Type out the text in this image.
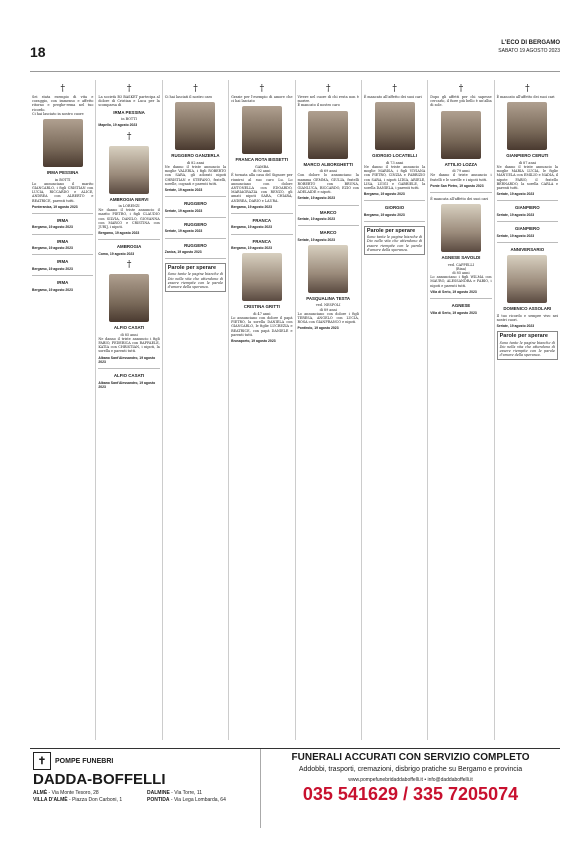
18
L'ECO DI BERGAMO
SABATO 19 AGOSTO 2023
†
Sei stata esempio di vita e coraggio, con immenso e affetto ritorno e preghe-rema nel tuo ricordo.
Ci hai lasciato in nostro cuore
IRMA PESSINA
in BOTTI
Lo annunciano il marito GIANCARLO, i figli CRISTIAN con LUCIA, RICCARDO e ALICE, ANDREA con ALBERTO e BEATRICE, parenti tutti.
Ponteranica, 19 agosto 2023
IRMA
Bergamo, 19 agosto 2023
IRMA
Bergamo, 19 agosto 2023
IRMA
Bergamo, 19 agosto 2023
IRMA
Bergamo, 19 agosto 2023
†
La società B3 BASKET partecipa al dolore di Cristian e Luca per la scomparsa di
IRMA PESSINA
in BOTTI
Mapello, 19 agosto 2023
†
AMBROGIA NERVI
in LORENZI
Ne danno il triste annuncio il marito PIETRO, i figli CLAUDIO con SILVIA, DANILO, GIOVANNA con MARCO e CRISTINA con JURIJ, i nipoti.
Bergamo, 19 agosto 2023
AMBROGIA
Como, 19 agosto 2023
†
ALFIO CASATI
di 85 anni
Ne danno il triste annuncio i figli FABIO, FEDERICA con RAFFAELE, KATIA con CHRISTIAN, i nipoti, la sorella e parenti tutti.
Albano Sant'Alessandro, 19 agosto 2023
ALFIO CASATI
Albano Sant'Alessandro, 19 agosto 2023
†
Ci hai lasciati il nostro caro
RUGGERO GANZERLA
di 82 anni
Ne danno il triste annuncio la moglie VALERIA, i figli ROBERTO con SARA, gli adorati nipoti CHRISTIAN e STEFANO, fratelli, sorelle, cognati e parenti tutti.
Seriate, 19 agosto 2023
RUGGERO
Seriate, 19 agosto 2023
RUGGERO
Seriate, 19 agosto 2023
RUGGERO
Zanica, 19 agosto 2023
Parole per sperare
Sono tante le pagine bianche di Dio nella vita che attendono di essere riempite con le parole d'amore della speranza.
†
Grazie per l'esempio di amore che ci hai lasciato
FRANCA ROTA BISSETTI
GAMBA
di 92 anni
È tornata alla casa del Signore per riunirsi al suo caro Lu. Lo annunciano con dolore ANTONELLA con EDOARDO, MARIAGRAZIA con RENZO, gli amati nipoti SARA, CHIARA, ANDREA, DARIO e LAURA.
Bergamo, 19 agosto 2023
FRANCA
Bergamo, 19 agosto 2023
FRANCA
Bergamo, 19 agosto 2023
CRISTINA GRITTI
di 47 anni
Lo annunciano con dolore il papà PIETRO, la sorella DANIELA con GIANCARLO, le figlie LUCREZIA e BEATRICE, con papà DANIELE e parenti tutti.
Brusaporto, 19 agosto 2023
†
Vivere nel cuore di chi resta non è morire.
È mancato il nostro caro
MARCO ALBORGHETTI
di 69 anni
Con dolore lo annunciano la mamma GEMMA, GIULIA, fratelli ROBERTO con BRUNA, GIANLUCA, RICCARDO, EZIO con ADELAIDE e nipoti.
Seriate, 19 agosto 2023
MARCO
Seriate, 19 agosto 2023
MARCO
Seriate, 19 agosto 2023
PASQUALINA TESTA
ved. NESPOLI
di 89 anni
Lo annunciano con dolore i figli TERESA, ANGELO con LUCIA, ROSA con GIANFRANCO e nipoti.
Pontirolo, 19 agosto 2023
†
È mancato all'affetto dei suoi cari
GIORGIO LOCATELLI
di 73 anni
Ne danno il triste annuncio la moglie MARISA, i figli VIVIANA con PIETRO, CINZIA e FABRIZIO con SARA, i nipoti LIDIA, ARIELE, LISA, LUIGI e GABRIELE, la sorella DANIELA, i parenti tutti.
Bergamo, 19 agosto 2023
GIORGIO
Bergamo, 19 agosto 2023
Parole per sperare
Sono tante le pagine bianche di Dio nella vita che attendono di essere riempite con le parole d'amore della speranza.
†
Dopo gli affetti per chi sapesse cercarlo, il fiore più bello è un'alba di sole.
ATTILIO LOZZA
di 79 anni
Ne danno il triste annuncio i fratelli e le sorelle e i nipoti tutti.
Ponte San Pietro, 19 agosto 2023
È mancata all'affetto dei suoi cari
AGNESE SAVOLDI
ved. CAPPELLI
(Rina)
di 85 anni
Lo annunciano i figli WILMA con MAURO, ALESSANDRA e FABIO, i nipoti e parenti tutti.
Villa di Serio, 19 agosto 2023
AGNESE
Villa di Serio, 19 agosto 2023
†
È mancato all'affetto dei suoi cari
GIANPIERO CERUTI
di 87 anni
Ne danno il triste annuncio la moglie MARIA LUCIA, le figlie MANUELA con EMILIO e NADIA, il nipote FABIO, il fratello BERNARDO, la sorella CARLA e parenti tutti.
Seriate, 19 agosto 2023
GIANPIERO
Seriate, 19 agosto 2023
GIANPIERO
Seriate, 19 agosto 2023
ANNIVERSARIO
DOMENICO ASSOLARI
Il tuo ricordo e sempre vivo nei nostri cuori.
Seriate, 19 agosto 2023
Parole per sperare
Sono tante le pagine bianche di Dio nella vita che attendono di essere riempite con le parole d'amore della speranza.
✝	POMPE FUNEBRI
DADDA-BOFFELLI
ALMÈ - Via Monte Tesoro, 28	DALMINE - Via Torre, 11
VILLA D'ALMÈ - Piazza Don Carboni, 1	PONTIDA - Via Lega Lombarda, 64
FUNERALI ACCURATI CON SERVIZIO COMPLETO
Addobbi, trasporti, cremazioni, disbrigo pratiche su Bergamo e provincia
www.pompefunebridaddaboffelli.it • info@daddaboffelli.it
035 541629 / 335 7205074
